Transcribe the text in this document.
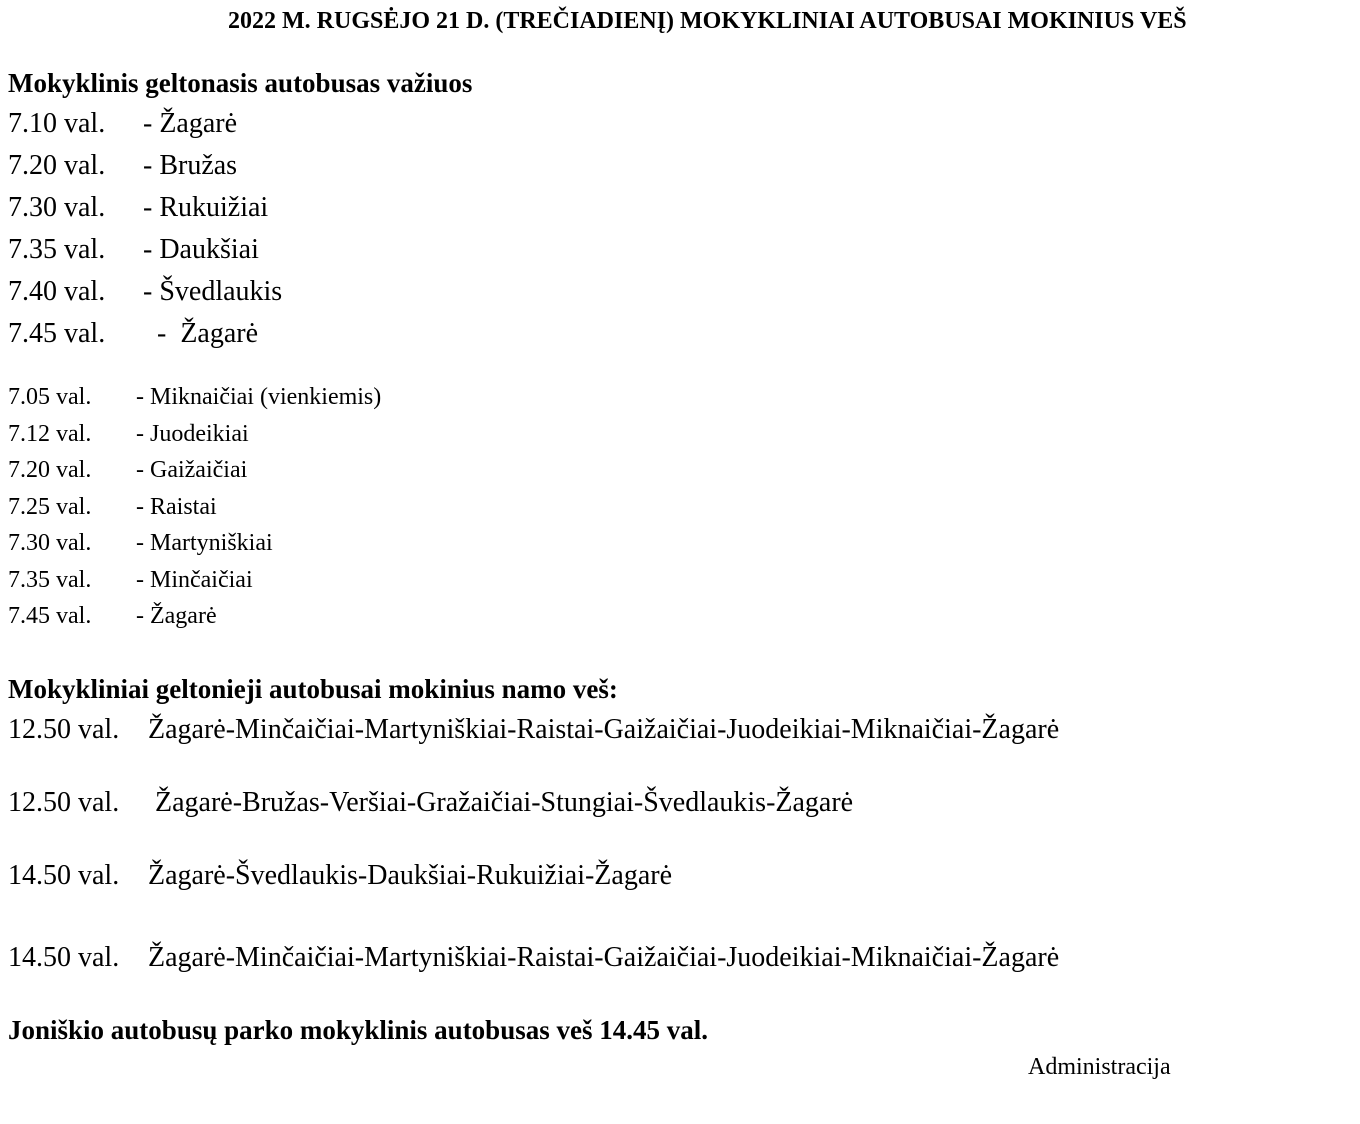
2022 M. RUGSĖJO 21 D. (TREČIADIENĮ) MOKYKLINIAI AUTOBUSAI MOKINIUS VEŠ
Mokyklinis geltonasis autobusas važiuos
7.10 val. - Žagarė
7.20 val. - Bružas
7.30 val. - Rukuižiai
7.35 val. - Daukšiai
7.40 val. - Švedlaukis
7.45 val.   -  Žagarė
7.05 val. - Miknaičiai (vienkiemis)
7.12 val. - Juodeikiai
7.20 val. - Gaižaičiai
7.25 val. - Raistai
7.30 val. - Martyniškiai
7.35 val. - Minčaičiai
7.45 val. - Žagarė
Mokykliniai geltonieji autobusai mokinius namo veš:
12.50 val. Žagarė-Minčaičiai-Martyniškiai-Raistai-Gaižaičiai-Juodeikiai-Miknaičiai-Žagarė
12.50 val. Žagarė-Bružas-Veršiai-Gražaičiai-Stungiai-Švedlaukis-Žagarė
14.50 val. Žagarė-Švedlaukis-Daukšiai-Rukuižiai-Žagarė
14.50 val. Žagarė-Minčaičiai-Martyniškiai-Raistai-Gaižaičiai-Juodeikiai-Miknaičiai-Žagarė
Joniškio autobusų parko mokyklinis autobusas veš 14.45 val.
Administracija
